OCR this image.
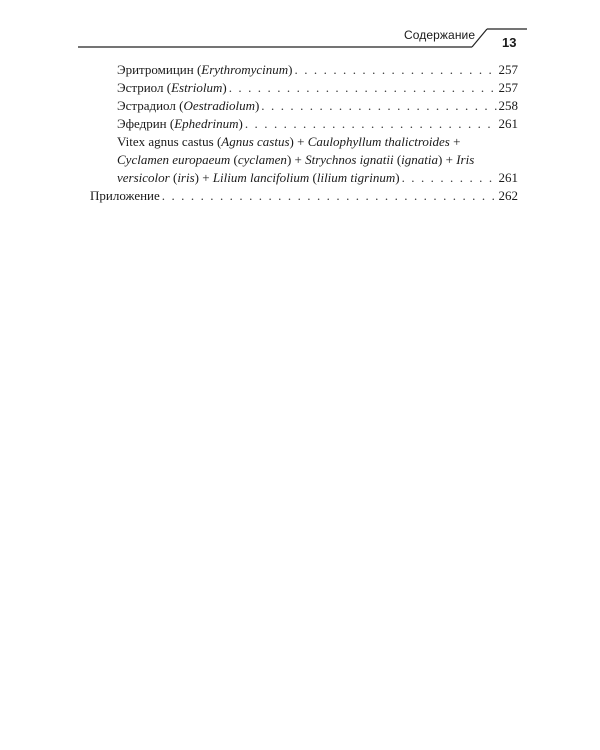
Содержание 13
Эритромицин (Erythromycinum) . . .	257
Эстриол (Estriolum) . . .	257
Эстрадиол (Oestradiolum) . . .	258
Эфедрин (Ephedrinum) . . .	261
Vitex agnus castus (Agnus castus) + Caulophyllum thalictroides +
Cyclamen europaeum (cyclamen) + Strychnos ignatii (ignatia) + Iris
versicolor (iris) + Lilium lancifolium (lilium tigrinum) . . .	261
Приложение . . .	262
